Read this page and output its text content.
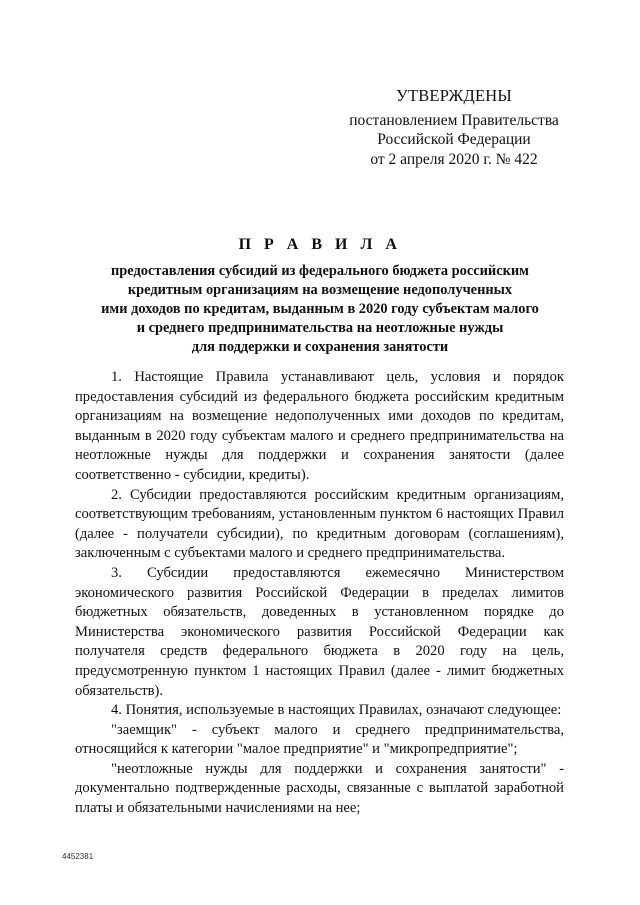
УТВЕРЖДЕНЫ
постановлением Правительства
Российской Федерации
от 2 апреля 2020 г. № 422
П Р А В И Л А
предоставления субсидий из федерального бюджета российским
кредитным организациям на возмещение недополученных
ими доходов по кредитам, выданным в 2020 году субъектам малого
и среднего предпринимательства на неотложные нужды
для поддержки и сохранения занятости

1. Настоящие Правила устанавливают цель, условия и порядок предоставления субсидий из федерального бюджета российским кредитным организациям на возмещение недополученных ими доходов по кредитам, выданным в 2020 году субъектам малого и среднего предпринимательства на неотложные нужды для поддержки и сохранения занятости (далее соответственно - субсидии, кредиты).

2. Субсидии предоставляются российским кредитным организациям, соответствующим требованиям, установленным пунктом 6 настоящих Правил (далее - получатели субсидии), по кредитным договорам (соглашениям), заключенным с субъектами малого и среднего предпринимательства.

3. Субсидии предоставляются ежемесячно Министерством экономического развития Российской Федерации в пределах лимитов бюджетных обязательств, доведенных в установленном порядке до Министерства экономического развития Российской Федерации как получателя средств федерального бюджета в 2020 году на цель, предусмотренную пунктом 1 настоящих Правил (далее - лимит бюджетных обязательств).

4. Понятия, используемые в настоящих Правилах, означают следующее:

"заемщик" - субъект малого и среднего предпринимательства, относящийся к категории "малое предприятие" и "микропредприятие";

"неотложные нужды для поддержки и сохранения занятости" - документально подтвержденные расходы, связанные с выплатой заработной платы и обязательными начислениями на нее;

4452381
